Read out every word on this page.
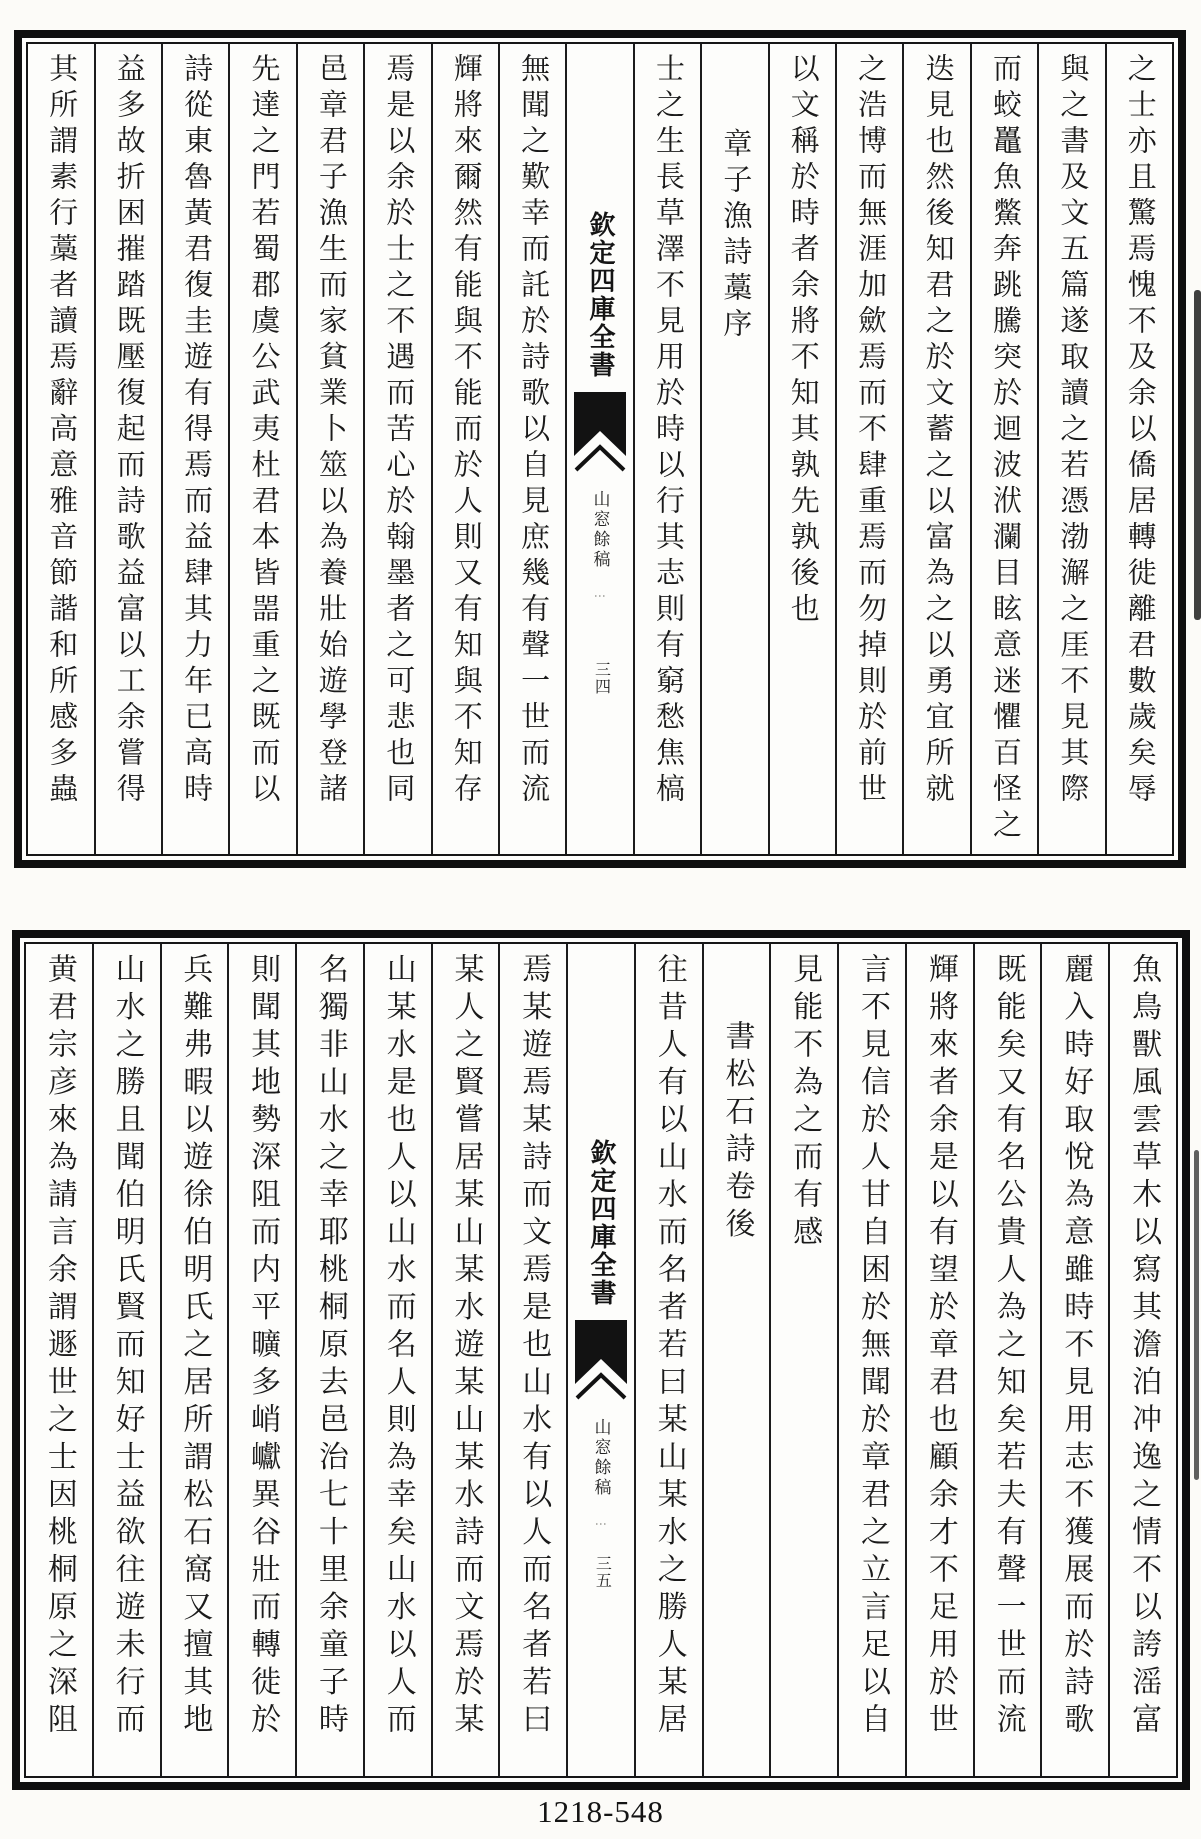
之士亦且驚焉愧不及余以僑居轉徙離君數歲矣辱
與之書及文五篇遂取讀之若憑渤澥之厓不見其際
而蛟鼉魚鱉奔跳騰突於迴波洑瀾目眩意迷懼百怪之
迭見也然後知君之於文蓄之以富為之以勇宜所就
之浩博而無涯加歛焉而不肆重焉而勿掉則於前世
以文稱於時者余將不知其孰先孰後也
章子漁詩藁序
士之生長草澤不見用於時以行其志則有窮愁焦槁
欽定四庫全書
山窓餘稿
⋮
三四
無聞之歎幸而託於詩歌以自見庶幾有聲一世而流
輝將來爾然有能與不能而於人則又有知與不知存
焉是以余於士之不遇而苦心於翰墨者之可悲也同
邑章君子漁生而家貧業卜筮以為養壯始遊學登諸
先達之門若蜀郡虞公武夷杜君本皆噐重之既而以
詩從東魯黃君復圭遊有得焉而益肆其力年已高時
益多故折困摧踏既壓復起而詩歌益富以工余嘗得
其所謂素行藁者讀焉辭高意雅音節諧和所感多蟲
魚鳥獸風雲草木以寫其澹泊冲逸之情不以誇滛富
麗入時好取悅為意雖時不見用志不獲展而於詩歌
既能矣又有名公貴人為之知矣若夫有聲一世而流
輝將來者余是以有望於章君也顧余才不足用於世
言不見信於人甘自困於無聞於章君之立言足以自
見能不為之而有感
書松石詩卷後
往昔人有以山水而名者若曰某山某水之勝人某居
欽定四庫全書
山窓餘稿
⋮
三五
焉某遊焉某詩而文焉是也山水有以人而名者若曰
某人之賢嘗居某山某水遊某山某水詩而文焉於某
山某水是也人以山水而名人則為幸矣山水以人而
名獨非山水之幸耶桃桐原去邑治七十里余童子時
則聞其地勢深阻而内平曠多峭巘異谷壯而轉徙於
兵難弗暇以遊徐伯明氏之居所謂松石窩又擅其地
山水之勝且聞伯明氏賢而知好士益欲往遊未行而
黄君宗彦來為請言余謂遯世之士因桃桐原之深阻
1218-548
